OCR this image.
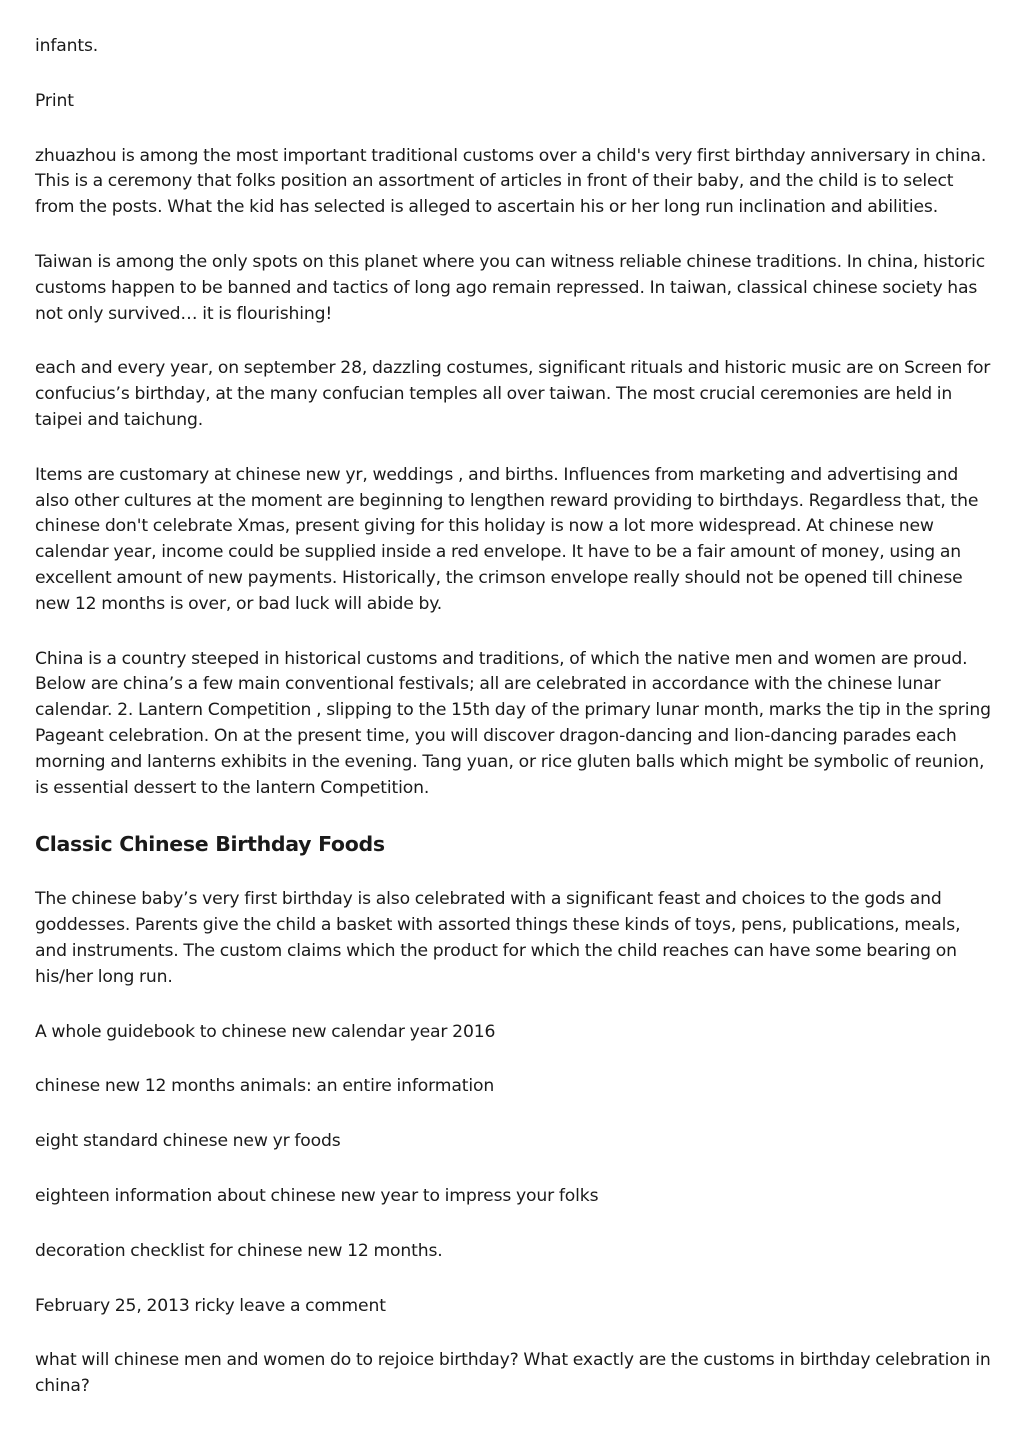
infants.

Print

zhuazhou is among the most important traditional customs over a child's very first birthday anniversary in china. This is a ceremony that folks position an assortment of articles in front of their baby, and the child is to select from the posts. What the kid has selected is alleged to ascertain his or her long run inclination and abilities.

Taiwan is among the only spots on this planet where you can witness reliable chinese traditions. In china, historic customs happen to be banned and tactics of long ago remain repressed. In taiwan, classical chinese society has not only survived… it is flourishing!

each and every year, on september 28, dazzling costumes, significant rituals and historic music are on Screen for confucius’s birthday, at the many confucian temples all over taiwan. The most crucial ceremonies are held in taipei and taichung.

Items are customary at chinese new yr, weddings , and births. Influences from marketing and advertising and also other cultures at the moment are beginning to lengthen reward providing to birthdays. Regardless that, the chinese don't celebrate Xmas, present giving for this holiday is now a lot more widespread. At chinese new calendar year, income could be supplied inside a red envelope. It have to be a fair amount of money, using an excellent amount of new payments. Historically, the crimson envelope really should not be opened till chinese new 12 months is over, or bad luck will abide by.

China is a country steeped in historical customs and traditions, of which the native men and women are proud. Below are china’s a few main conventional festivals; all are celebrated in accordance with the chinese lunar calendar. 2. Lantern Competition , slipping to the 15th day of the primary lunar month, marks the tip in the spring Pageant celebration. On at the present time, you will discover dragon-dancing and lion-dancing parades each morning and lanterns exhibits in the evening. Tang yuan, or rice gluten balls which might be symbolic of reunion, is essential dessert to the lantern Competition.

Classic Chinese Birthday Foods

The chinese baby’s very first birthday is also celebrated with a significant feast and choices to the gods and goddesses. Parents give the child a basket with assorted things these kinds of toys, pens, publications, meals, and instruments. The custom claims which the product for which the child reaches can have some bearing on his/her long run.

A whole guidebook to chinese new calendar year 2016

chinese new 12 months animals: an entire information

eight standard chinese new yr foods

eighteen information about chinese new year to impress your folks

decoration checklist for chinese new 12 months.

February 25, 2013 ricky leave a comment

what will chinese men and women do to rejoice birthday? What exactly are the customs in birthday celebration in china?
